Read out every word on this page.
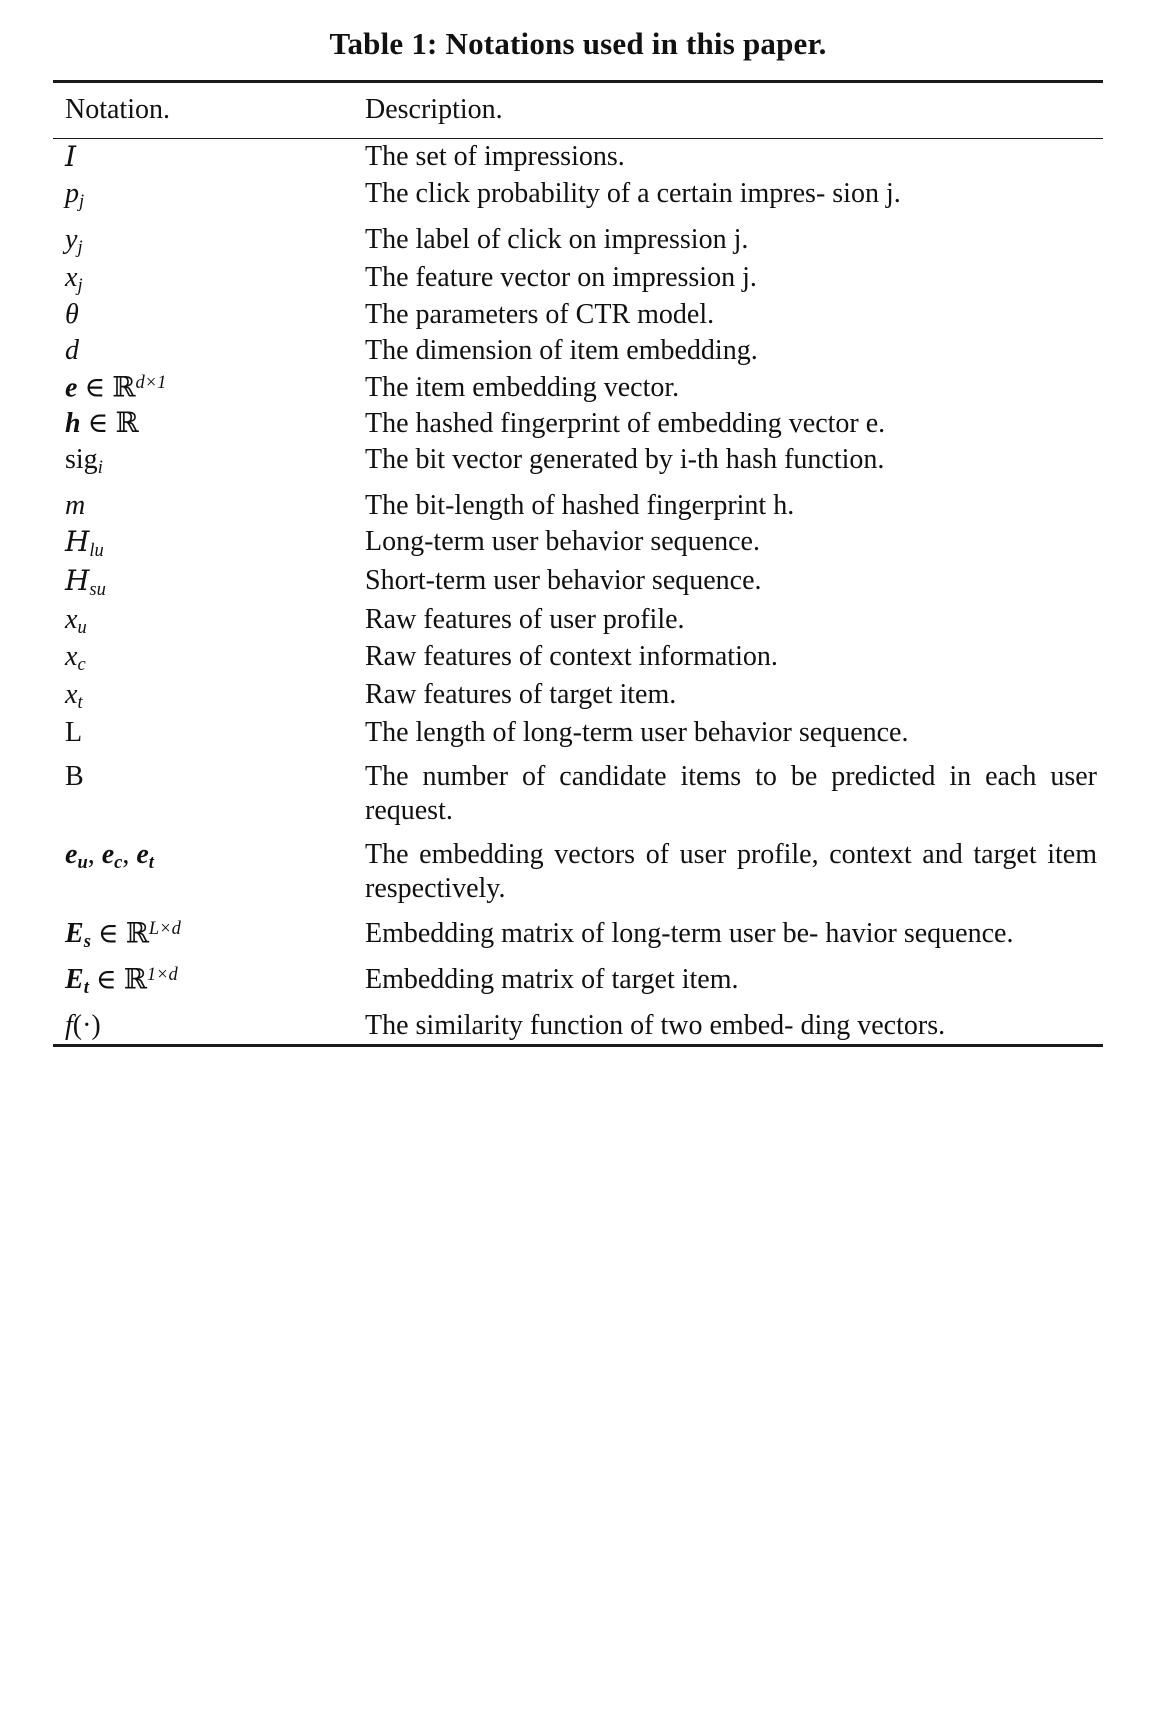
Table 1: Notations used in this paper.

Notation.	Description.

I	The set of impressions.
$p_j$	The click probability of a certain impres- sion j.
$y_j$	The label of click on impression j.
$x_j$	The feature vector on impression j.
θ	The parameters of CTR model.
d	The dimension of item embedding.
e ∈ ℝ$^{d\times 1}$	The item embedding vector.
h ∈ ℝ	The hashed fingerprint of embedding vector e.
sig$_i$	The bit vector generated by i-th hash function.
m	The bit-length of hashed fingerprint h.
$H_{lu}$	Long-term user behavior sequence.
$H_{su}$	Short-term user behavior sequence.
$x_u$	Raw features of user profile.
$x_c$	Raw features of context information.
$x_t$	Raw features of target item.
L	The length of long-term user behavior sequence.
B	The number of candidate items to be predicted in each user request.
$e_u$, $e_c$, $e_t$	The embedding vectors of user profile, context and target item respectively.
$E_s$ ∈ ℝ$^{L\times d}$	Embedding matrix of long-term user be- havior sequence.
$E_t$ ∈ ℝ$^{1\times d}$	Embedding matrix of target item.
f(·)	The similarity function of two embed- ding vectors.
